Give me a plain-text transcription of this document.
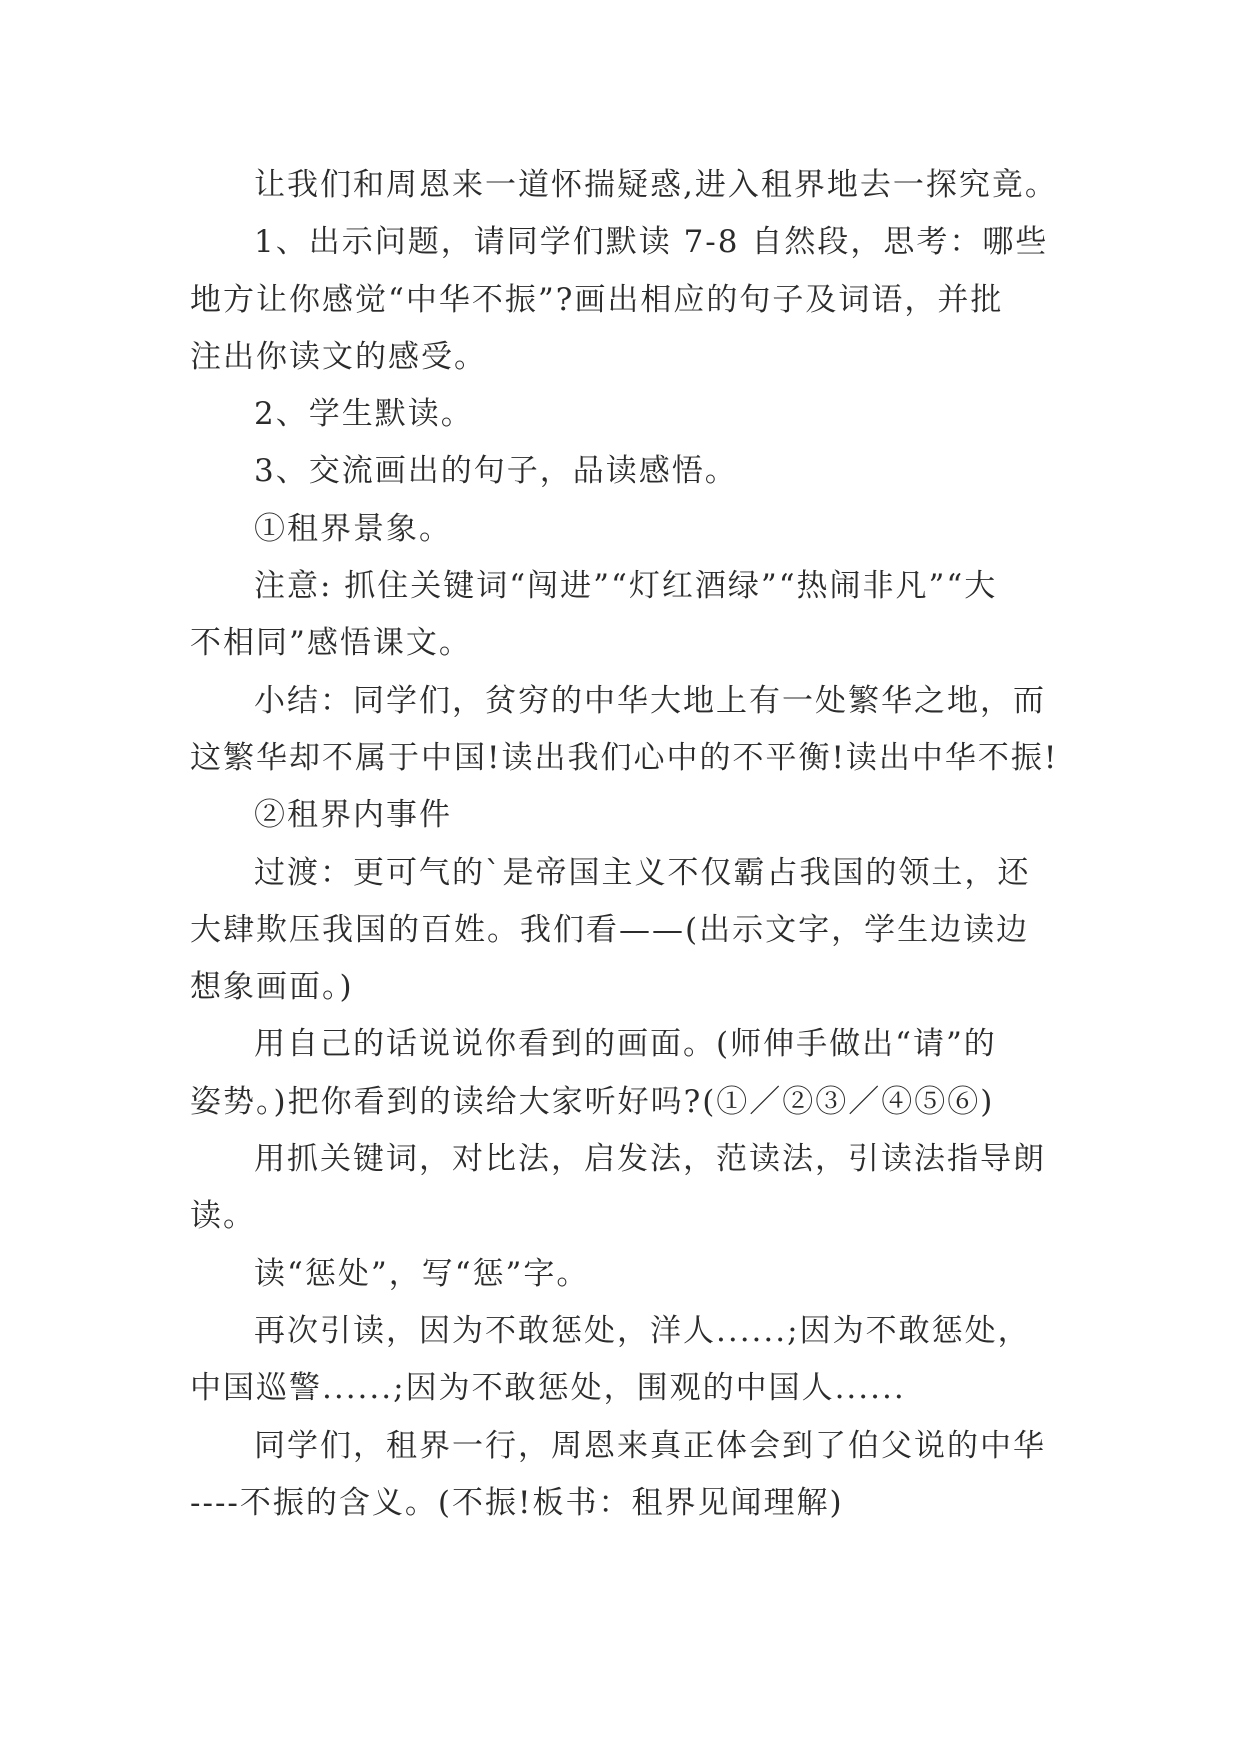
让我们和周恩来一道怀揣疑惑,进入租界地去一探究竟。

1、出示问题，请同学们默读 7-8 自然段，思考：哪些
地方让你感觉“中华不振”?画出相应的句子及词语，并批
注出你读文的感受。

2、学生默读。

3、交流画出的句子，品读感悟。

①租界景象。

注意: 抓住关键词“闯进”“灯红酒绿”“热闹非凡”“大
不相同”感悟课文。

小结：同学们，贫穷的中华大地上有一处繁华之地，而
这繁华却不属于中国!读出我们心中的不平衡!读出中华不振!

②租界内事件

过渡：更可气的`是帝国主义不仅霸占我国的领土，还
大肆欺压我国的百姓。我们看——(出示文字，学生边读边
想象画面。)

用自己的话说说你看到的画面。(师伸手做出“请”的
姿势。)把你看到的读给大家听好吗?(①／②③／④⑤⑥)

用抓关键词，对比法，启发法，范读法，引读法指导朗
读。

读“惩处”，写“惩”字。

再次引读，因为不敢惩处，洋人......;因为不敢惩处，
中国巡警......;因为不敢惩处，围观的中国人......

同学们，租界一行，周恩来真正体会到了伯父说的中华
----不振的含义。(不振!板书：租界见闻理解)
